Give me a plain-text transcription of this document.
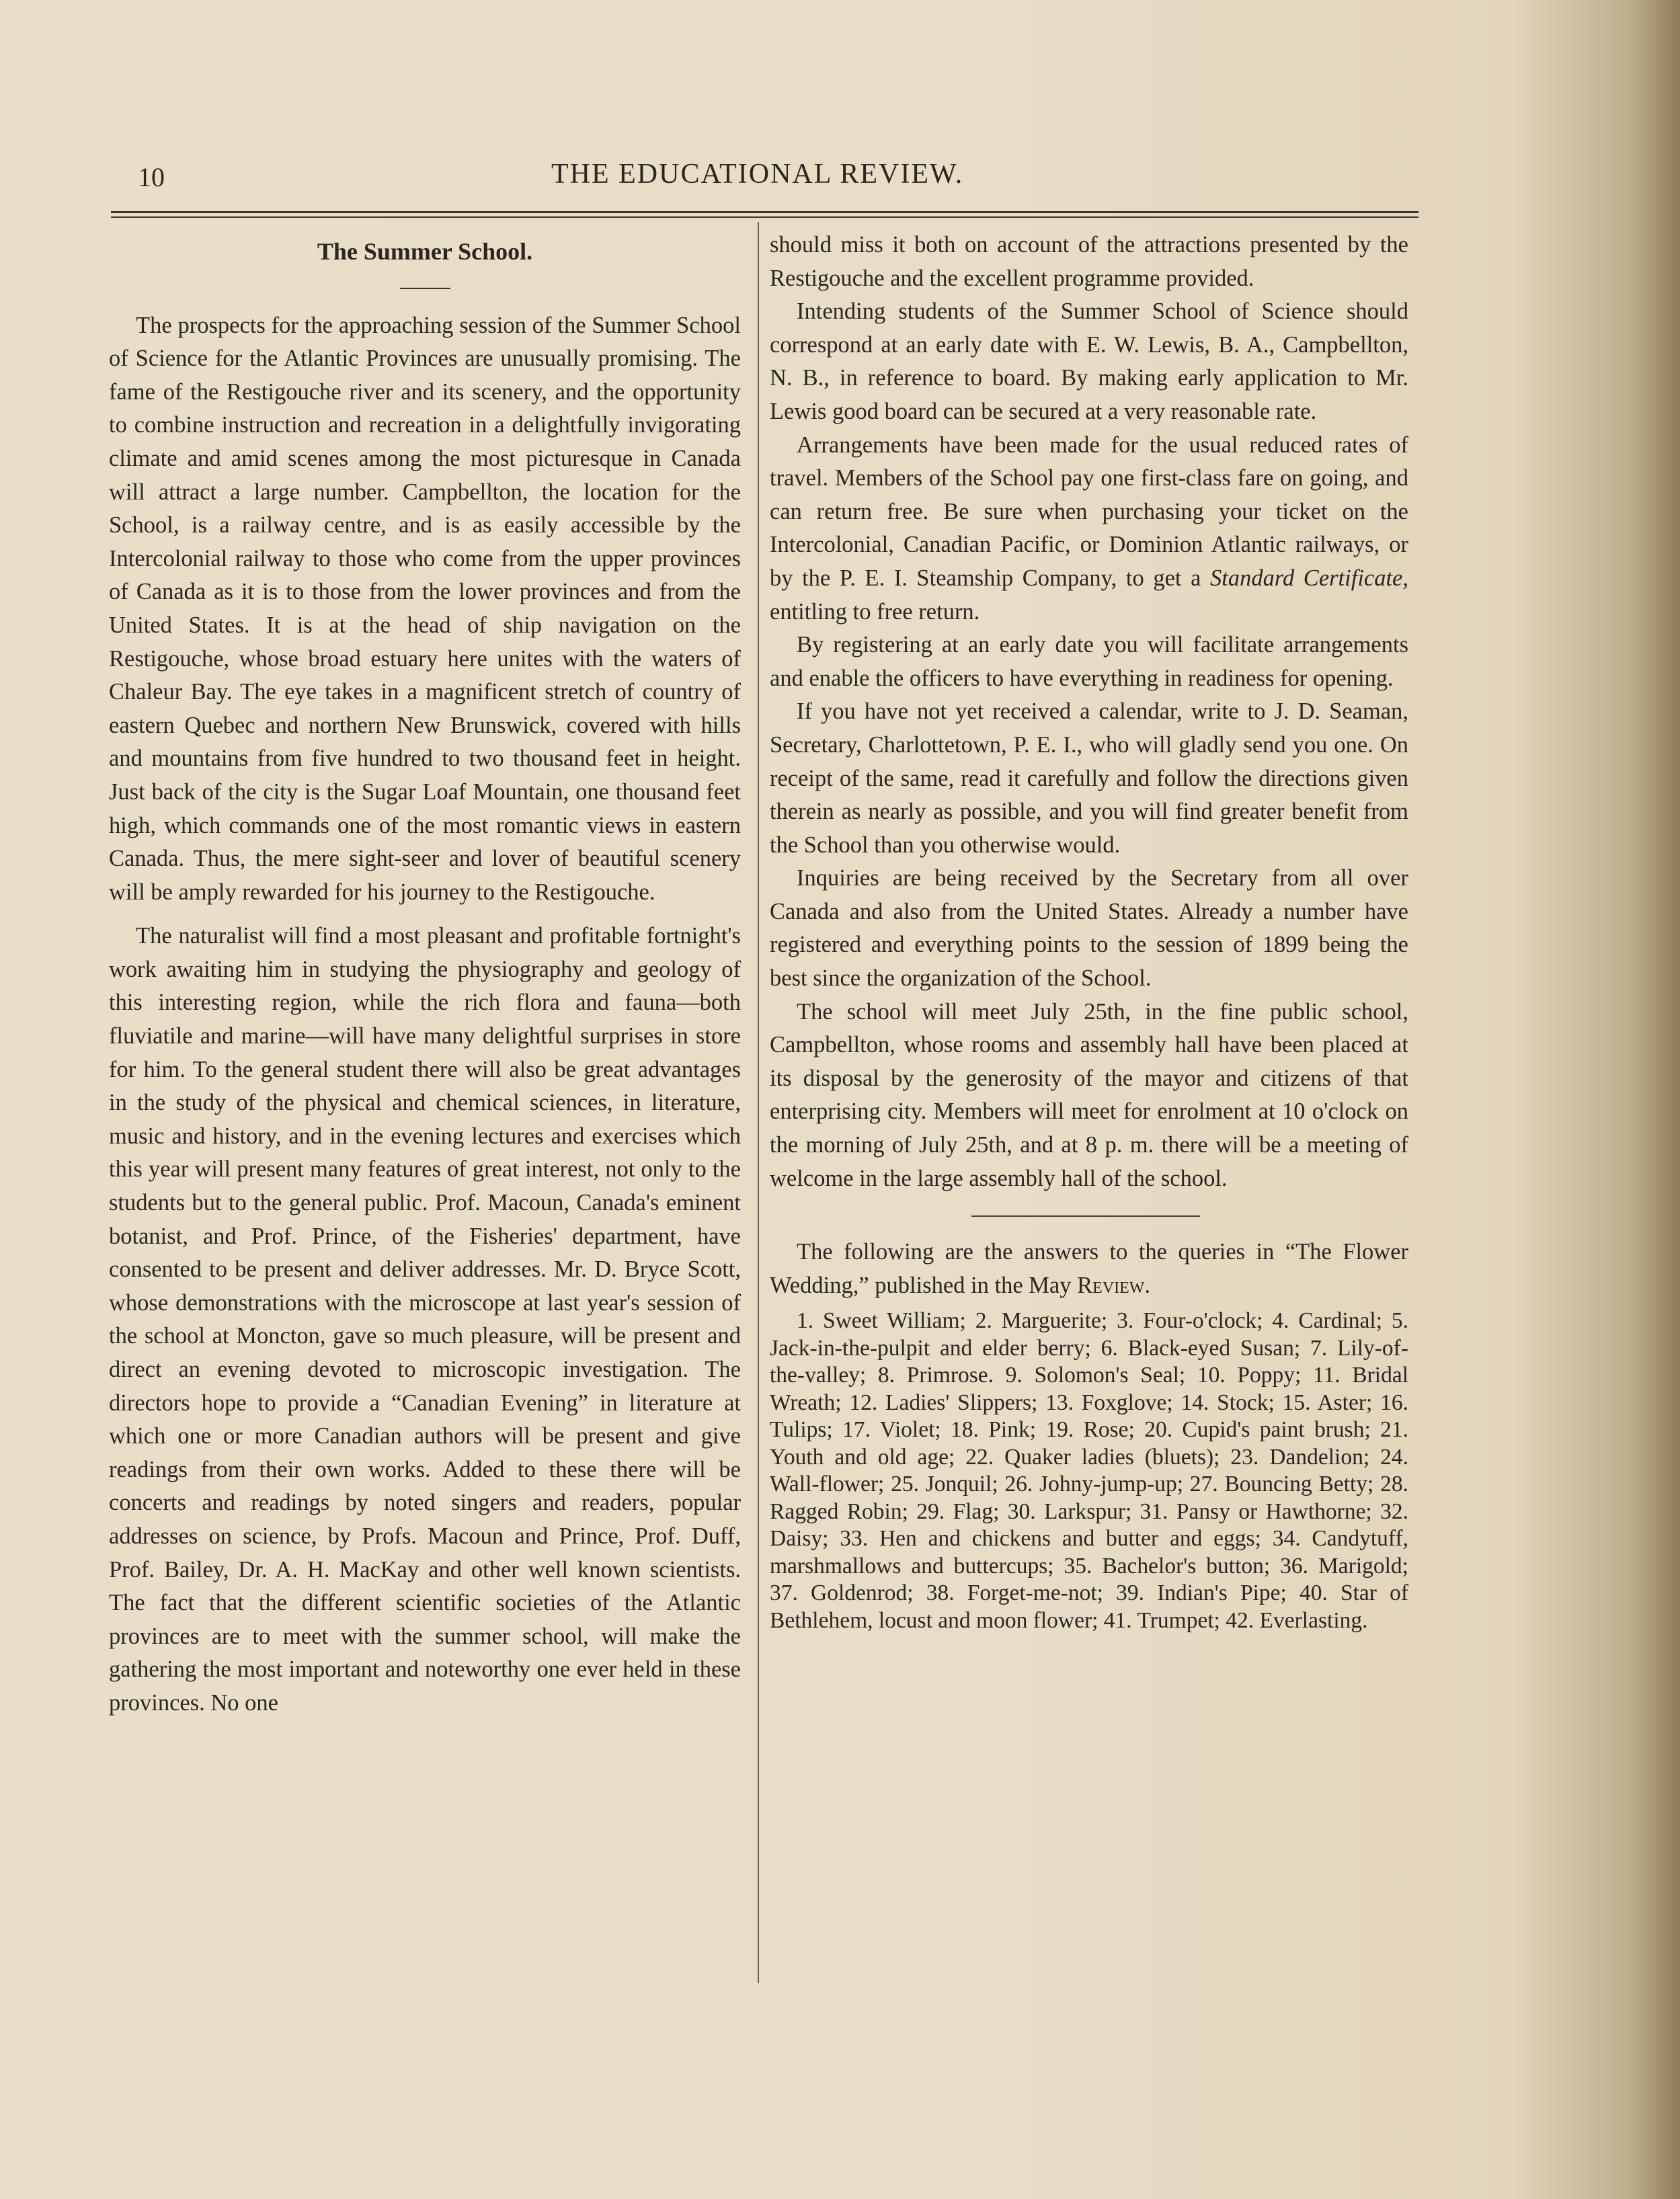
10	THE EDUCATIONAL REVIEW.

The Summer School.

The prospects for the approaching session of the Summer School of Science for the Atlantic Provinces are unusually promising. The fame of the Restigouche river and its scenery, and the opportunity to combine instruction and recreation in a delightfully invigorating climate and amid scenes among the most picturesque in Canada will attract a large number. Campbellton, the location for the School, is a railway centre, and is as easily accessible by the Intercolonial railway to those who come from the upper provinces of Canada as it is to those from the lower provinces and from the United States. It is at the head of ship navigation on the Restigouche, whose broad estuary here unites with the waters of Chaleur Bay. The eye takes in a magnificent stretch of country of eastern Quebec and northern New Brunswick, covered with hills and mountains from five hundred to two thousand feet in height. Just back of the city is the Sugar Loaf Mountain, one thousand feet high, which commands one of the most romantic views in eastern Canada. Thus, the mere sight-seer and lover of beautiful scenery will be amply rewarded for his journey to the Restigouche.

The naturalist will find a most pleasant and profitable fortnight's work awaiting him in studying the physiography and geology of this interesting region, while the rich flora and fauna—both fluviatile and marine—will have many delightful surprises in store for him. To the general student there will also be great advantages in the study of the physical and chemical sciences, in literature, music and history, and in the evening lectures and exercises which this year will present many features of great interest, not only to the students but to the general public. Prof. Macoun, Canada's eminent botanist, and Prof. Prince, of the Fisheries' department, have consented to be present and deliver addresses. Mr. D. Bryce Scott, whose demonstrations with the microscope at last year's session of the school at Moncton, gave so much pleasure, will be present and direct an evening devoted to microscopic investigation. The directors hope to provide a “Canadian Evening” in literature at which one or more Canadian authors will be present and give readings from their own works. Added to these there will be concerts and readings by noted singers and readers, popular addresses on science, by Profs. Macoun and Prince, Prof. Duff, Prof. Bailey, Dr. A. H. MacKay and other well known scientists. The fact that the different scientific societies of the Atlantic provinces are to meet with the summer school, will make the gathering the most important and noteworthy one ever held in these provinces. No one

should miss it both on account of the attractions presented by the Restigouche and the excellent programme provided.

Intending students of the Summer School of Science should correspond at an early date with E. W. Lewis, B. A., Campbellton, N. B., in reference to board. By making early application to Mr. Lewis good board can be secured at a very reasonable rate.

Arrangements have been made for the usual reduced rates of travel. Members of the School pay one first-class fare on going, and can return free. Be sure when purchasing your ticket on the Intercolonial, Canadian Pacific, or Dominion Atlantic railways, or by the P. E. I. Steamship Company, to get a Standard Certificate, entitling to free return.

By registering at an early date you will facilitate arrangements and enable the officers to have everything in readiness for opening.

If you have not yet received a calendar, write to J. D. Seaman, Secretary, Charlottetown, P. E. I., who will gladly send you one. On receipt of the same, read it carefully and follow the directions given therein as nearly as possible, and you will find greater benefit from the School than you otherwise would.

Inquiries are being received by the Secretary from all over Canada and also from the United States. Already a number have registered and everything points to the session of 1899 being the best since the organization of the School.

The school will meet July 25th, in the fine public school, Campbellton, whose rooms and assembly hall have been placed at its disposal by the generosity of the mayor and citizens of that enterprising city. Members will meet for enrolment at 10 o'clock on the morning of July 25th, and at 8 p. m. there will be a meeting of welcome in the large assembly hall of the school.

The following are the answers to the queries in “The Flower Wedding,” published in the May Review.

1. Sweet William; 2. Marguerite; 3. Four-o'clock; 4. Cardinal; 5. Jack-in-the-pulpit and elder berry; 6. Black-eyed Susan; 7. Lily-of-the-valley; 8. Primrose. 9. Solomon's Seal; 10. Poppy; 11. Bridal Wreath; 12. Ladies' Slippers; 13. Foxglove; 14. Stock; 15. Aster; 16. Tulips; 17. Violet; 18. Pink; 19. Rose; 20. Cupid's paint brush; 21. Youth and old age; 22. Quaker ladies (bluets); 23. Dandelion; 24. Wall-flower; 25. Jonquil; 26. Johny-jump-up; 27. Bouncing Betty; 28. Ragged Robin; 29. Flag; 30. Larkspur; 31. Pansy or Hawthorne; 32. Daisy; 33. Hen and chickens and butter and eggs; 34. Candytuff, marshmallows and buttercups; 35. Bachelor's button; 36. Marigold; 37. Goldenrod; 38. Forget-me-not; 39. Indian's Pipe; 40. Star of Bethlehem, locust and moon flower; 41. Trumpet; 42. Everlasting.
